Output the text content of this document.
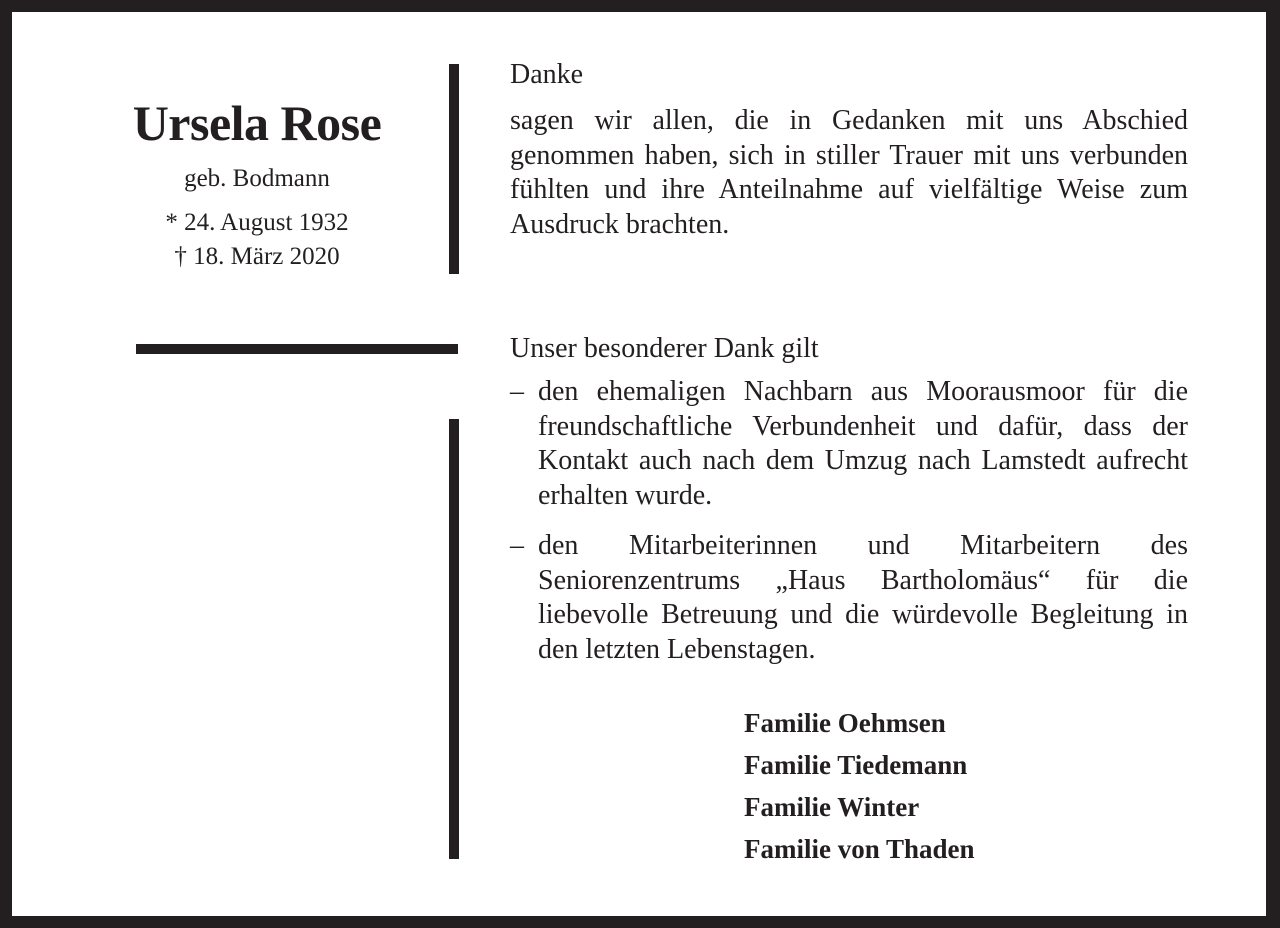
Ursela Rose
geb. Bodmann
* 24. August 1932
† 18. März 2020
Danke
sagen wir allen, die in Gedanken mit uns Abschied genommen haben, sich in stiller Trauer mit uns verbunden fühlten und ihre Anteilnahme auf vielfältige Weise zum Ausdruck brachten.
Unser besonderer Dank gilt
– den ehemaligen Nachbarn aus Moorausmoor für die freundschaftliche Verbundenheit und dafür, dass der Kontakt auch nach dem Umzug nach Lamstedt aufrecht erhalten wurde.
– den Mitarbeiterinnen und Mitarbeitern des Seniorenzentrums „Haus Bartholomäus“ für die liebevolle Betreuung und die würdevolle Begleitung in den letzten Lebenstagen.
Familie Oehmsen
Familie Tiedemann
Familie Winter
Familie von Thaden
